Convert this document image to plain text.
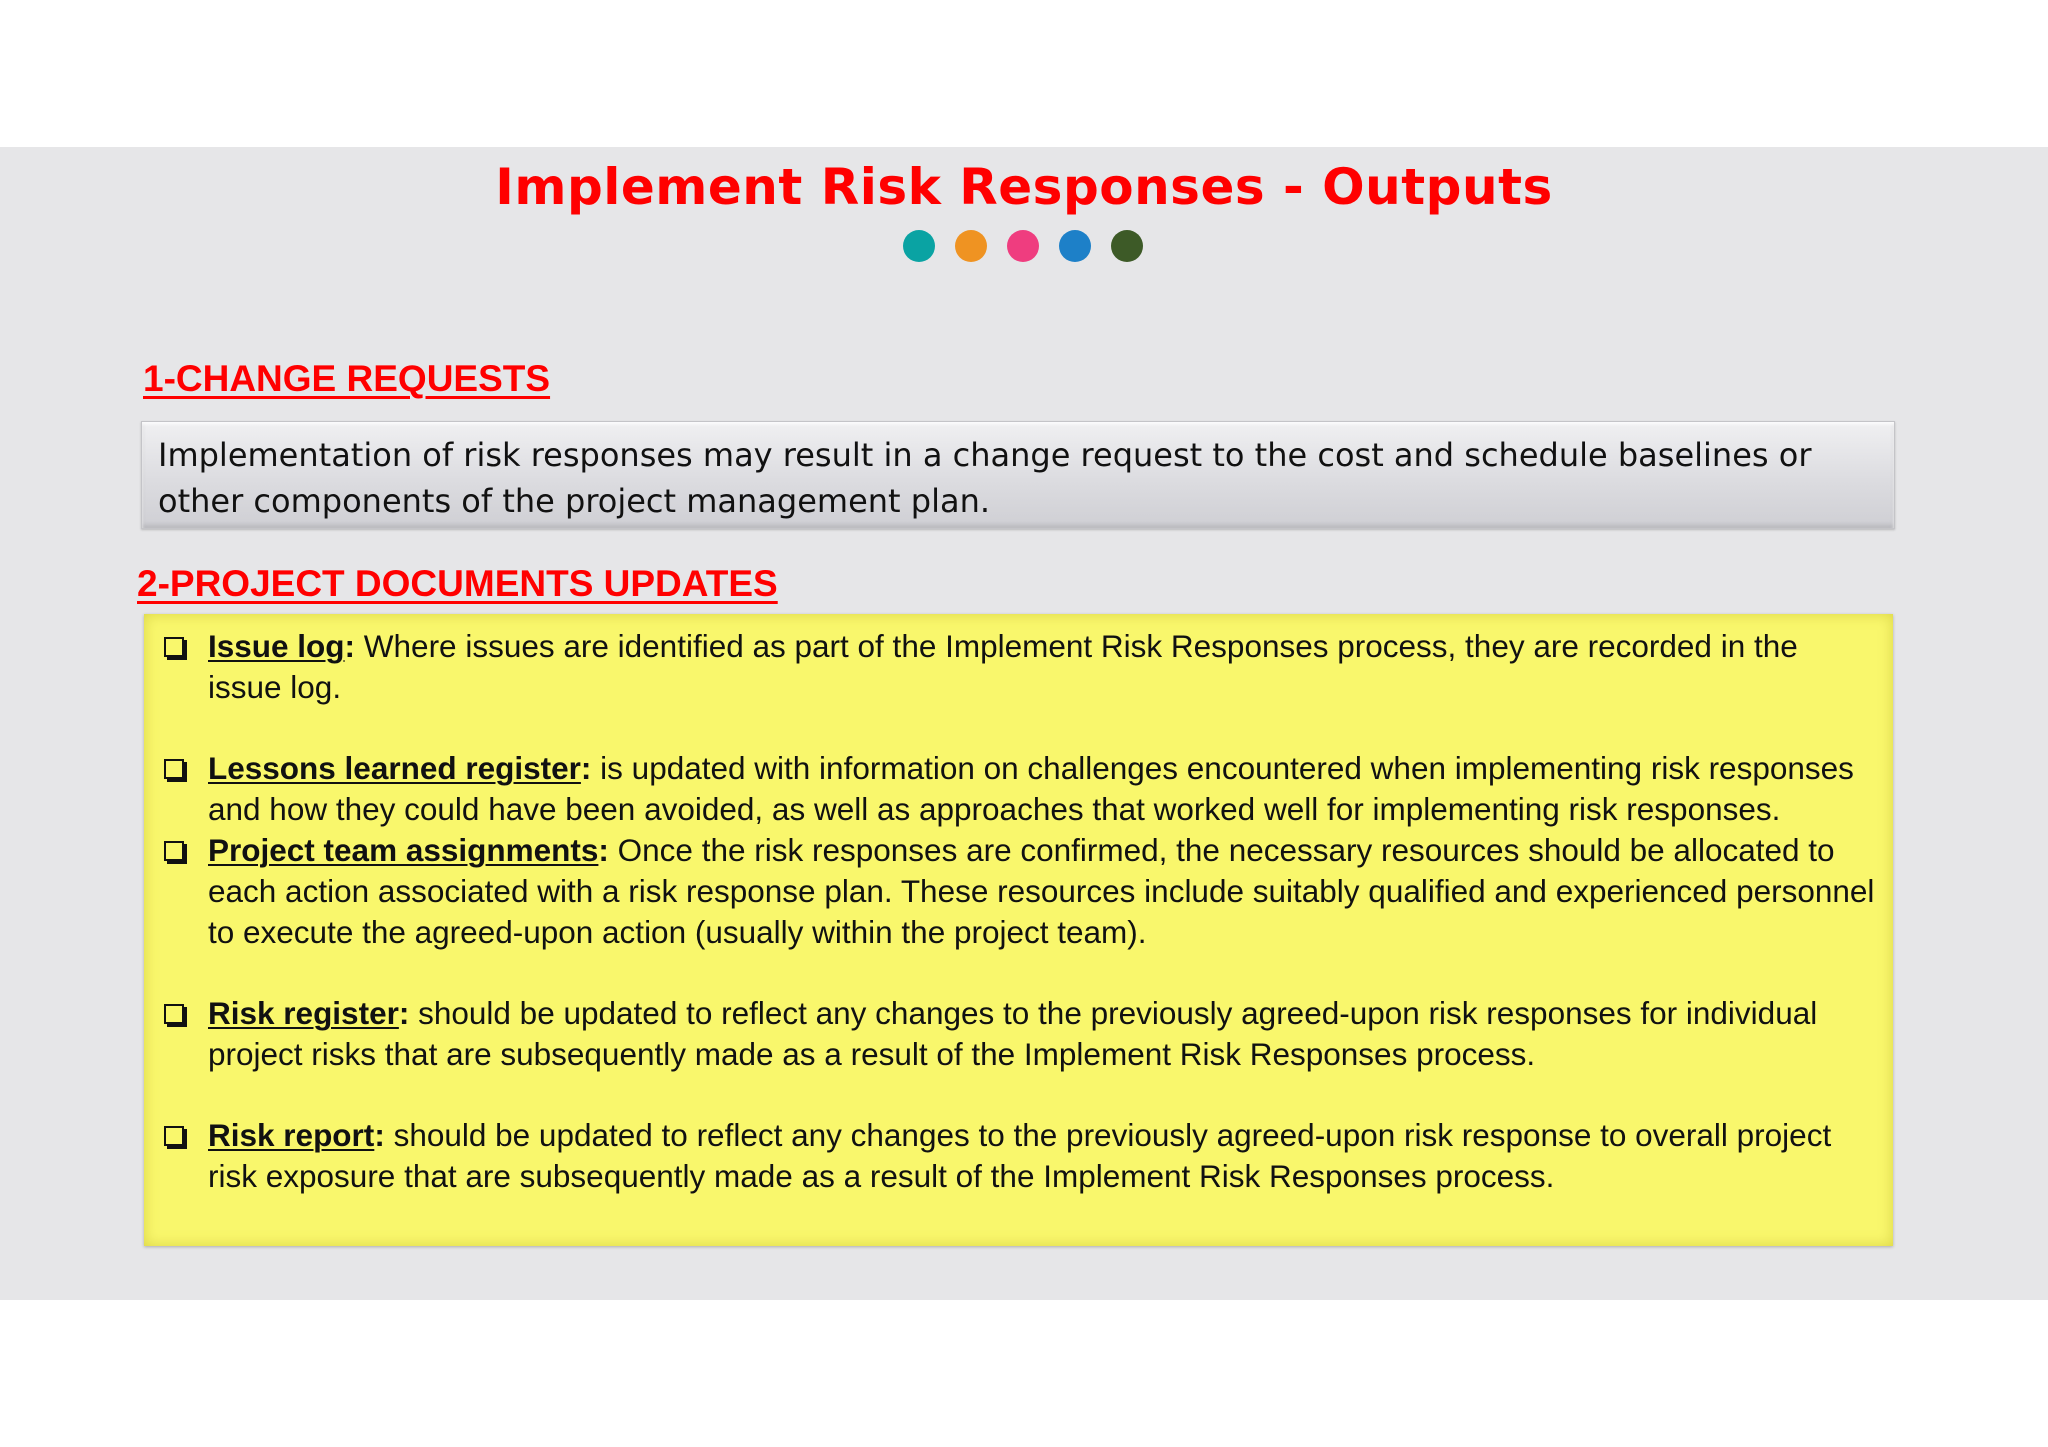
Implement Risk Responses - Outputs
1-CHANGE REQUESTS
Implementation of risk responses may result in a change request to the cost and schedule baselines or other components of the project management plan.
2-PROJECT DOCUMENTS UPDATES
Issue log: Where issues are identified as part of the Implement Risk Responses process, they are recorded in the issue log.
Lessons learned register: is updated with information on challenges encountered when implementing risk responses and how they could have been avoided, as well as approaches that worked well for implementing risk responses.
Project team assignments: Once the risk responses are confirmed, the necessary resources should be allocated to each action associated with a risk response plan. These resources include suitably qualified and experienced personnel to execute the agreed-upon action (usually within the project team).
Risk register: should be updated to reflect any changes to the previously agreed-upon risk responses for individual project risks that are subsequently made as a result of the Implement Risk Responses process.
Risk report: should be updated to reflect any changes to the previously agreed-upon risk response to overall project risk exposure that are subsequently made as a result of the Implement Risk Responses process.
